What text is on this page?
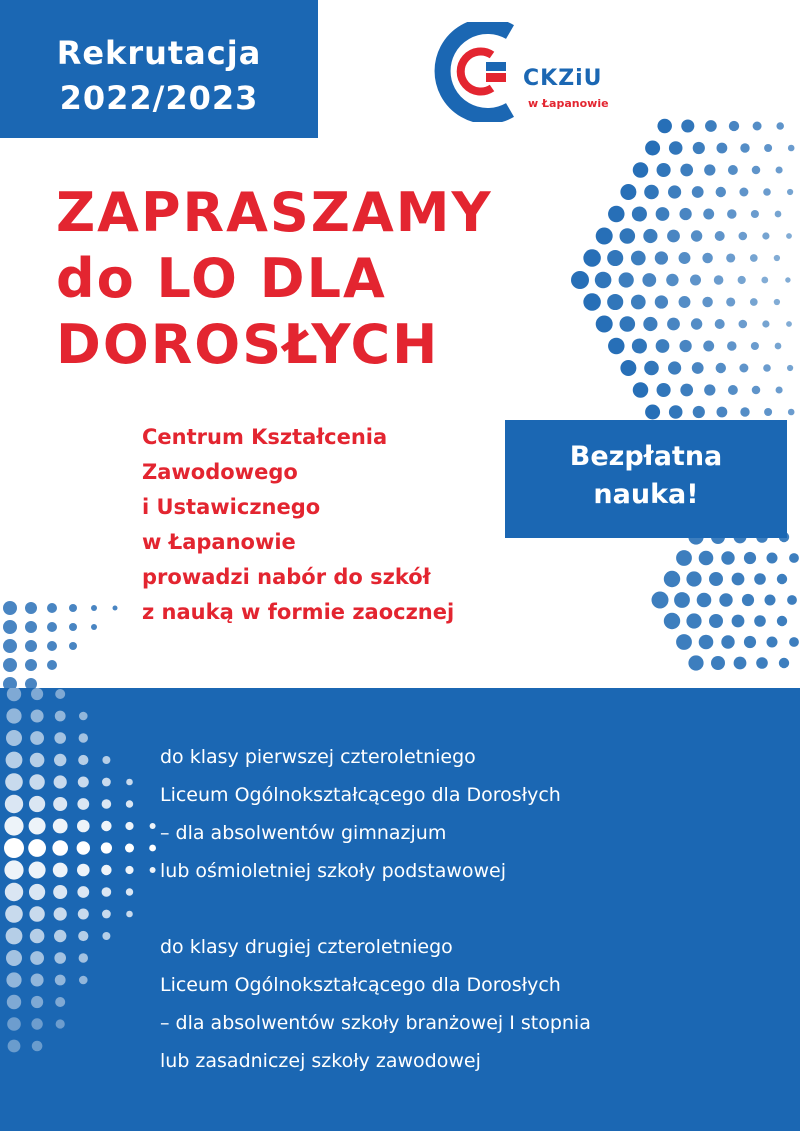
Rekrutacja
2022/2023
CKZiU
w Łapanowie
ZAPRASZAMY
do LO DLA
DOROSŁYCH
Centrum Kształcenia
Zawodowego
i Ustawicznego
w Łapanowie
prowadzi nabór do szkół
z nauką w formie zaocznej
Bezpłatna
nauka!
do klasy pierwszej czteroletniego
Liceum Ogólnokształcącego dla Dorosłych
– dla absolwentów gimnazjum
lub ośmioletniej szkoły podstawowej
do klasy drugiej czteroletniego
Liceum Ogólnokształcącego dla Dorosłych
– dla absolwentów szkoły branżowej I stopnia
lub zasadniczej szkoły zawodowej
